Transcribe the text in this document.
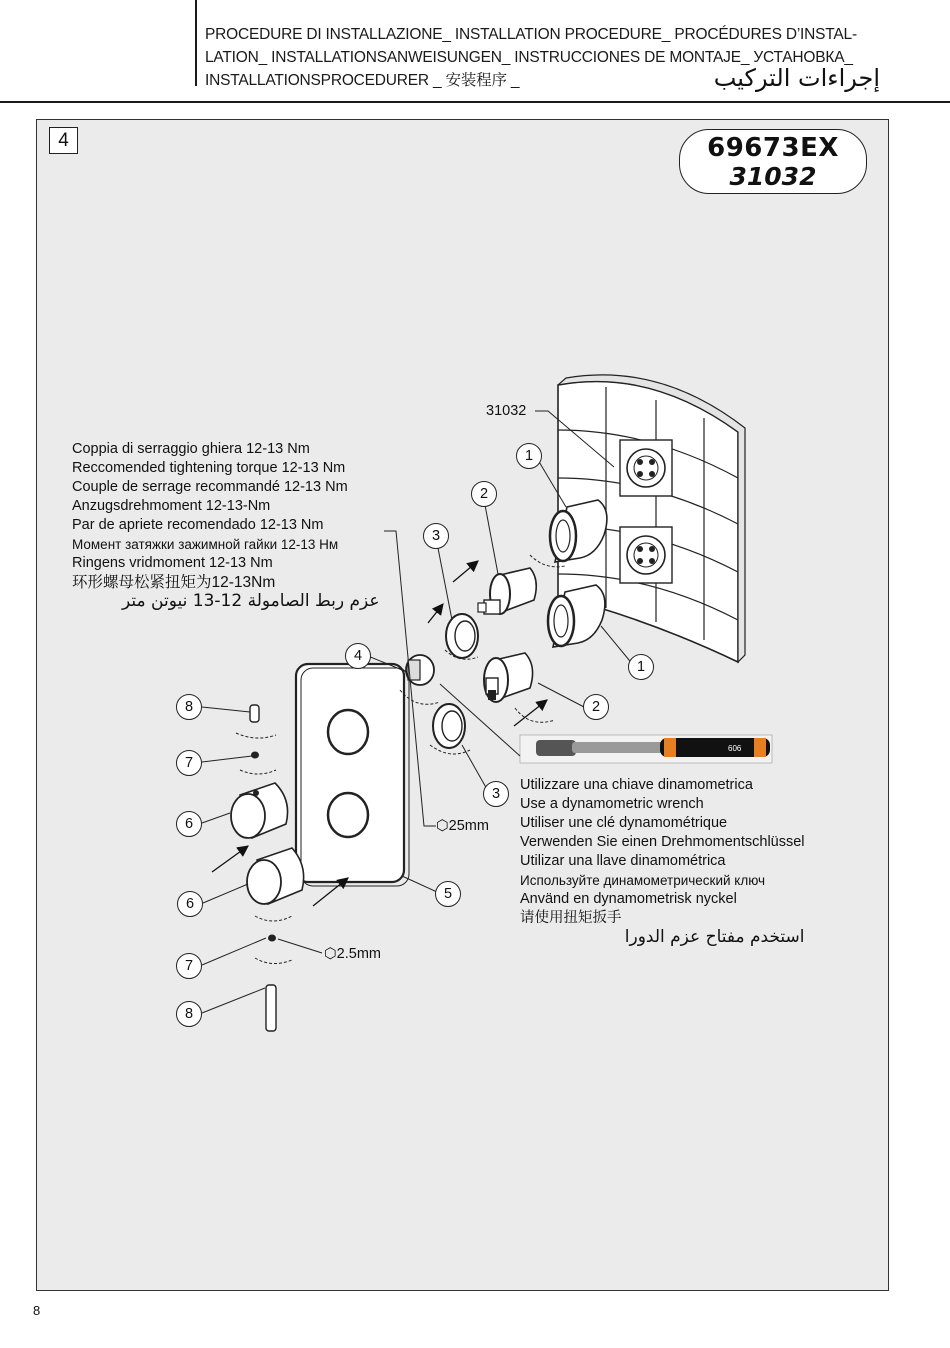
PROCEDURE DI INSTALLAZIONE_ INSTALLATION PROCEDURE_ PROCÉDURES D’INSTAL-
LATION_ INSTALLATIONSANWEISUNGEN_ INSTRUCCIONES DE MONTAJE_ УСТАНОВКА_
INSTALLATIONSPROCEDURER _ 安装程序 _	إجراءات التركيب
4	69673EX
31032
606
31032
⬡25mm
⬡2.5mm
1
1
2
2
3
3
4
5
6
6
7
7
8
8
Coppia di serraggio ghiera 12-13 Nm
Reccomended tightening torque 12-13 Nm
Couple de serrage recommandé 12-13 Nm
Anzugsdrehmoment 12-13-Nm
Par de apriete recomendado 12-13 Nm
Момент затяжки зажимной гайки 12-13 Нм
Ringens vridmoment 12-13 Nm
环形螺母松紧扭矩为12-13Nm
عزم ربط الصامولة 12-13 نيوتن متر
Utilizzare una chiave dinamometrica
Use a dynamometric wrench
Utiliser une clé dynamométrique
Verwenden Sie einen Drehmomentschlüssel
Utilizar una llave dinamométrica
Используйте динамометрический ключ
Använd en dynamometrisk nyckel
请使用扭矩扳手
استخدم مفتاح عزم الدورا
8
